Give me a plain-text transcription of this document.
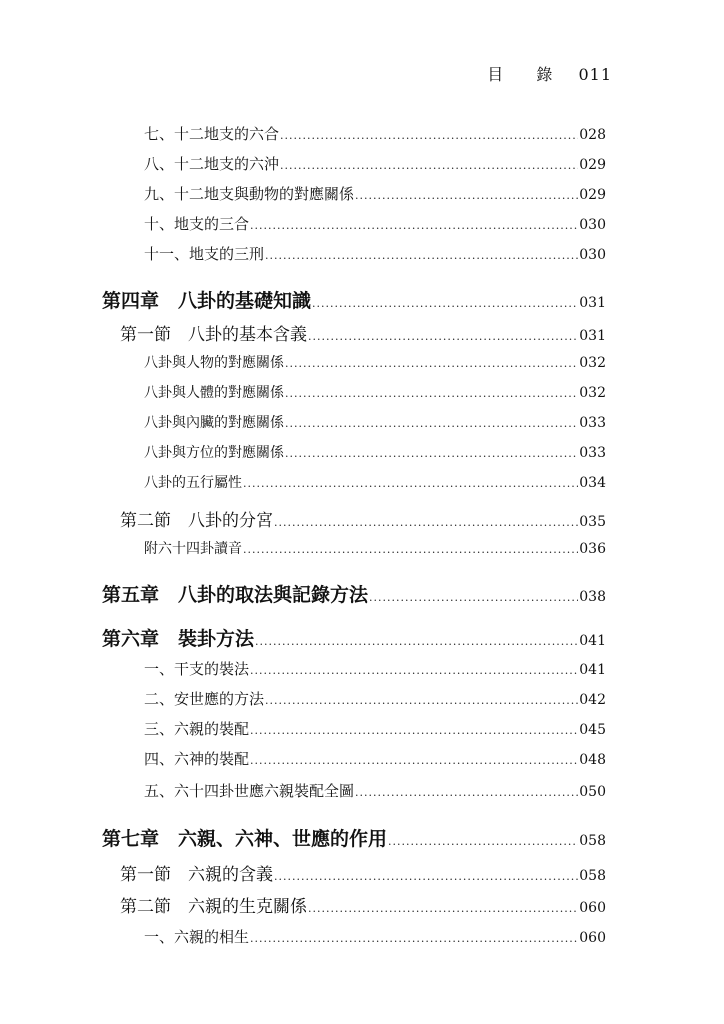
目 錄 011
七、十二地支的六合 .....	028
八、十二地支的六沖 .....	029
九、十二地支與動物的對應關係 .....	029
十、地支的三合 .....	030
十一、地支的三刑 .....	030
第四章　八卦的基礎知識 .....	031
第一節　八卦的基本含義 .....	031
八卦與人物的對應關係 .....	032
八卦與人體的對應關係 .....	032
八卦與內臟的對應關係 .....	033
八卦與方位的對應關係 .....	033
八卦的五行屬性 .....	034
第二節　八卦的分宮 .....	035
附六十四卦讀音 .....	036
第五章　八卦的取法與記錄方法 .....	038
第六章　裝卦方法 .....	041
一、干支的裝法 .....	041
二、安世應的方法 .....	042
三、六親的裝配 .....	045
四、六神的裝配 .....	048
五、六十四卦世應六親裝配全圖 .....	050
第七章　六親、六神、世應的作用 .....	058
第一節　六親的含義 .....	058
第二節　六親的生克關係 .....	060
一、六親的相生 .....	060
